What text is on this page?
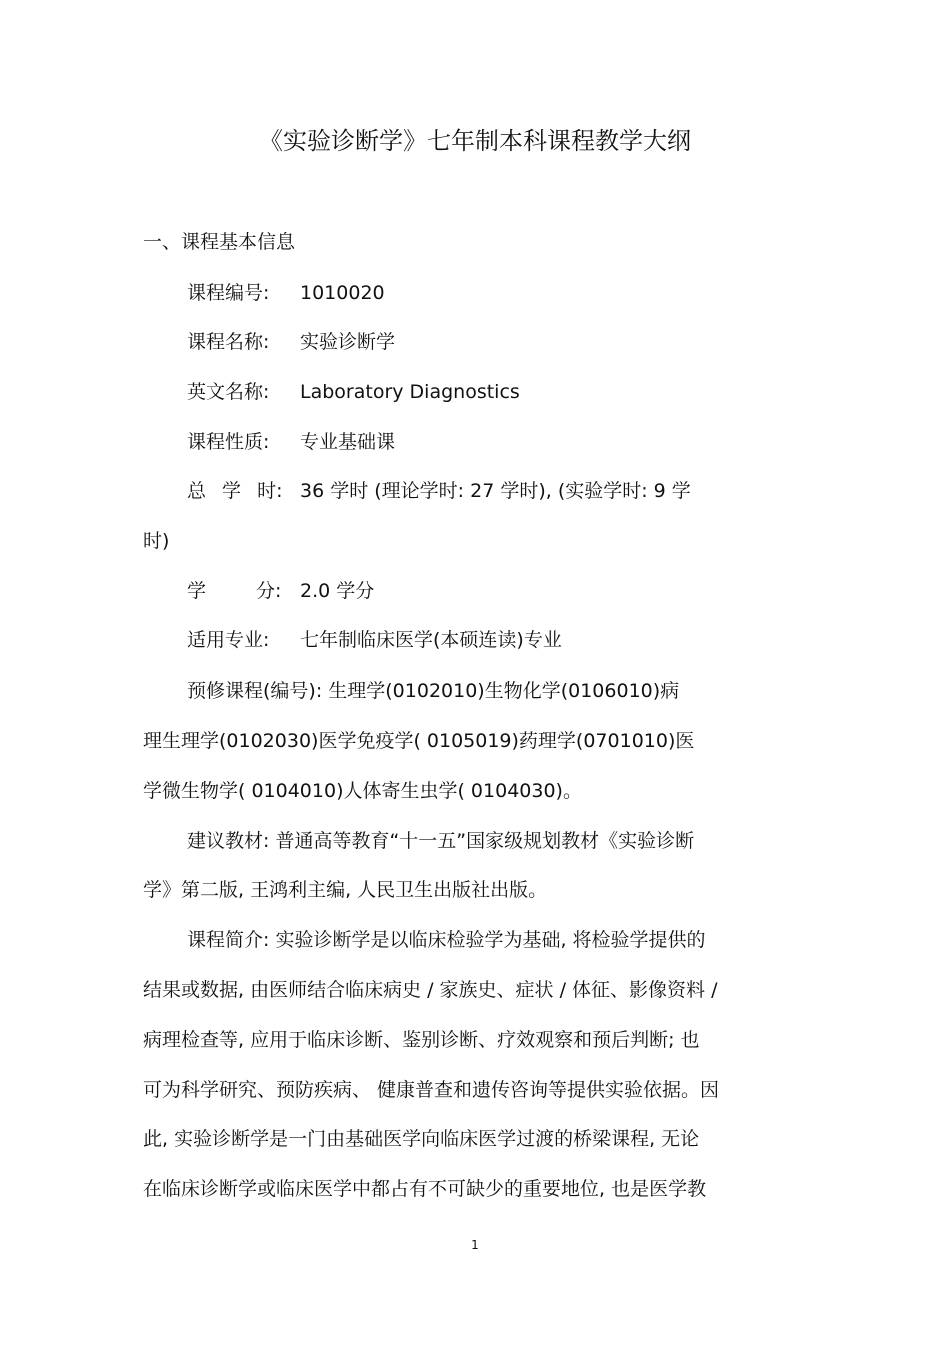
《实验诊断学》七年制本科课程教学大纲
一、课程基本信息
课程编号: 1010020
课程名称: 实验诊断学
英文名称: Laboratory Diagnostics
课程性质: 专业基础课
总 学 时: 36 学时 (理论学时: 27 学时), (实验学时: 9 学
时)
学	分: 2.0 学分
适用专业: 七年制临床医学(本硕连读)专业
预修课程(编号): 生理学(0102010)生物化学(0106010)病
理生理学(0102030)医学免疫学( 0105019)药理学(0701010)医
学微生物学( 0104010)人体寄生虫学( 0104030)。
建议教材: 普通高等教育“十一五”国家级规划教材《实验诊断
学》第二版, 王鸿利主编, 人民卫生出版社出版。
课程简介: 实验诊断学是以临床检验学为基础, 将检验学提供的
结果或数据, 由医师结合临床病史 / 家族史、症状 / 体征、影像资料 /
病理检查等, 应用于临床诊断、鉴别诊断、疗效观察和预后判断; 也
可为科学研究、预防疾病、 健康普查和遗传咨询等提供实验依据。因
此, 实验诊断学是一门由基础医学向临床医学过渡的桥梁课程, 无论
在临床诊断学或临床医学中都占有不可缺少的重要地位, 也是医学教
1
